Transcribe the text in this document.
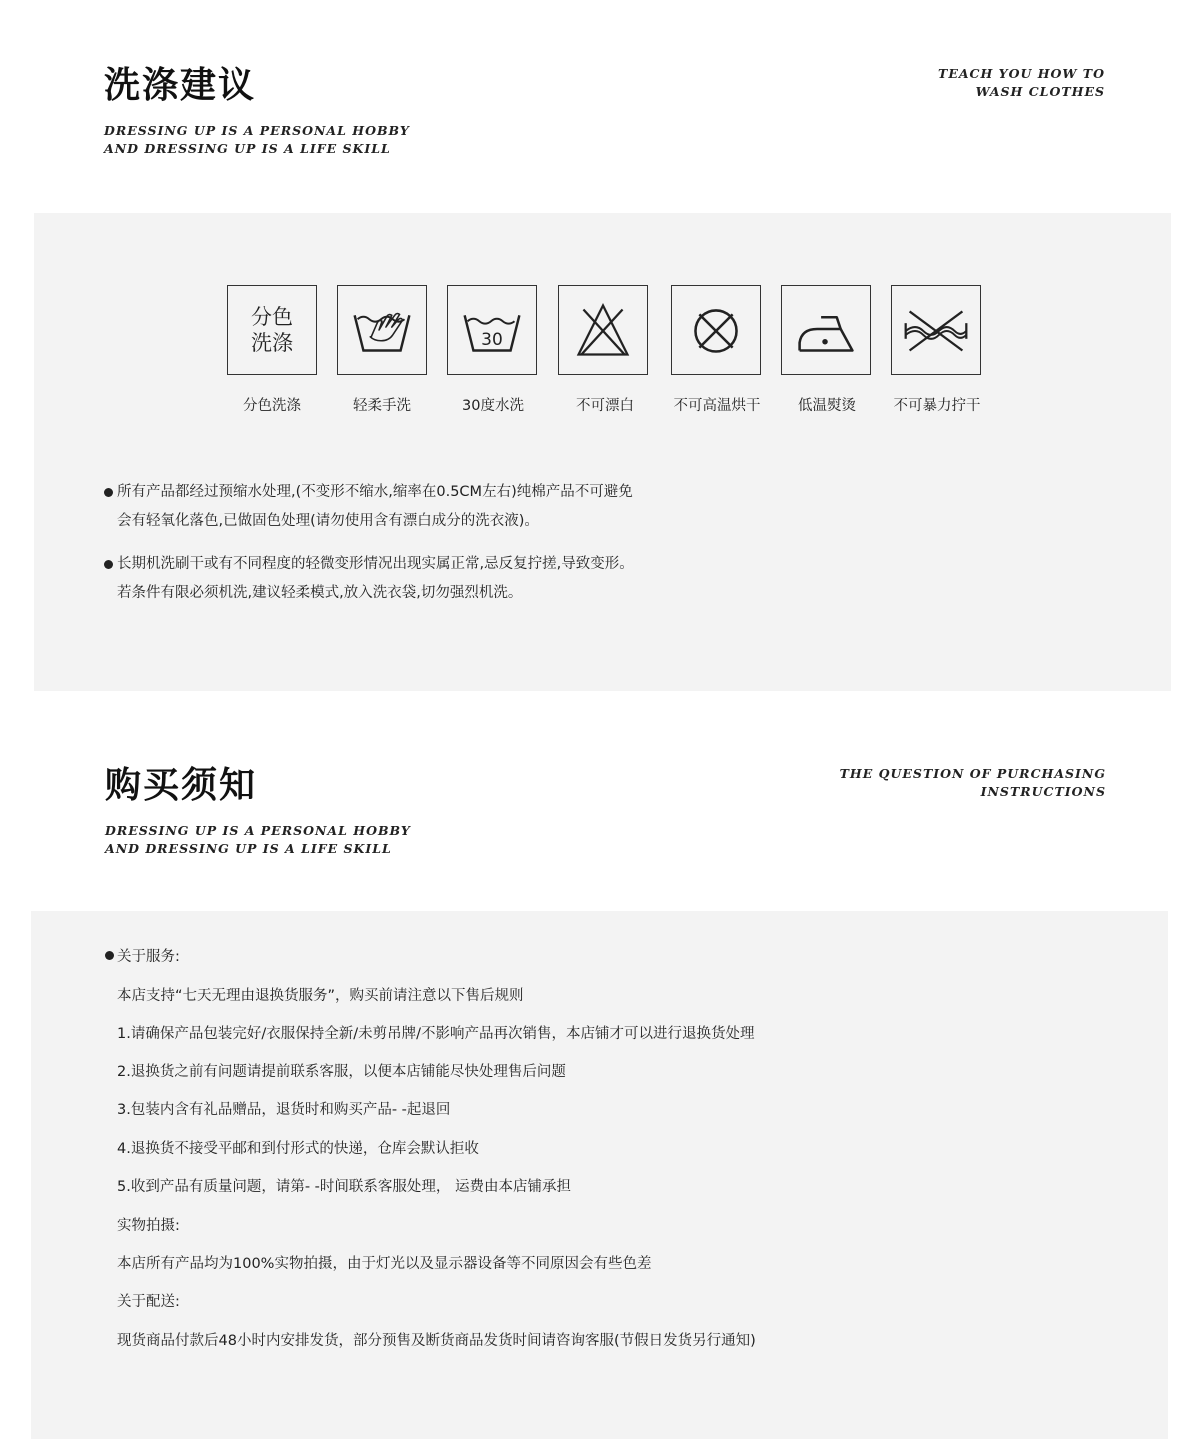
洗涤建议
DRESSING UP IS A PERSONAL HOBBY
AND DRESSING UP IS A LIFE SKILL
TEACH YOU HOW TO
WASH CLOTHES
分色
洗涤	30
分色洗涤	轻柔手洗	30度水洗	不可漂白	不可高温烘干	低温熨烫	不可暴力拧干
所有产品都经过预缩水处理,(不变形不缩水,缩率在0.5CM左右)纯棉产品不可避免
会有轻氧化落色,已做固色处理(请勿使用含有漂白成分的洗衣液)。
长期机洗刷干或有不同程度的轻微变形情况出现实属正常,忌反复拧搓,导致变形。
若条件有限必须机洗,建议轻柔模式,放入洗衣袋,切勿强烈机洗。
购买须知
DRESSING UP IS A PERSONAL HOBBY
AND DRESSING UP IS A LIFE SKILL
THE QUESTION OF PURCHASING
INSTRUCTIONS
关于服务:
本店支持“七天无理由退换货服务”，购买前请注意以下售后规则
1.请确保产品包装完好/衣服保持全新/未剪吊牌/不影响产品再次销售，本店铺才可以进行退换货处理
2.退换货之前有问题请提前联系客服，以便本店铺能尽快处理售后问题
3.包装内含有礼品赠品，退货时和购买产品- -起退回
4.退换货不接受平邮和到付形式的快递，仓库会默认拒收
5.收到产品有质量问题，请第- -时间联系客服处理， 运费由本店铺承担
实物拍摄:
本店所有产品均为100%实物拍摄，由于灯光以及显示器设备等不同原因会有些色差
关于配送:
现货商品付款后48小时内安排发货，部分预售及断货商品发货时间请咨询客服(节假日发货另行通知)
